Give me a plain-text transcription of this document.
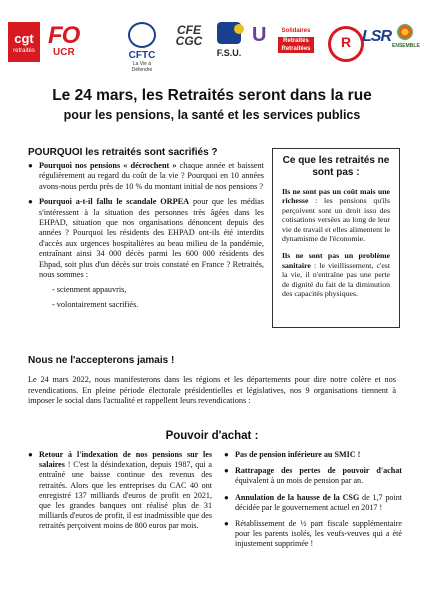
cgt
retraités
FO
UCR	CFTC
La Vie à Défendre
CFE CGC
F.S.U.
U	Solidaires
Retraités
Retraitées	R LSR
ENSEMBLE
Le 24 mars, les Retraités seront dans la rue
pour les pensions, la santé et les services publics
POURQUOI les retraités sont sacrifiés ?
● Pourquoi nos pensions « décrochent » chaque année et baissent régulièrement au regard du coût de la vie ? Pourquoi en 10 années avons-nous perdu près de 10 % du montant initial de nos pensions ?
● Pourquoi a-t-il fallu le scandale ORPEA pour que les médias s'intéressent à la situation des personnes très âgées dans les EHPAD, situation que nos organisations dénoncent depuis des années ? Pourquoi les résidents des EHPAD ont-ils été interdits d'accès aux urgences hospitalières au beau milieu de la pandémie, entraînant ainsi 34 000 décès parmi les 600 000 résidents des Ehpad, soit plus d'un décès sur trois constaté en France ? Retraités, nous sommes :
- scienment appauvris,
- volontairement sacrifiés.
Ce que les retraités ne sont pas :

Ils ne sont pas un coût mais une richesse : les pensions qu'ils perçoivent sont un droit issu des cotisations versées au long de leur vie de travail et elles alimentent le dynamisme de l'économie.

Ils ne sont pas un problème sanitaire : le vieillissement, c'est la vie, il n'entraîne pas une perte de dignité du fait de la diminution des capacités physiques.

Nous ne l'accepterons jamais !
Le 24 mars 2022, nous manifesterons dans les régions et les départements pour dire notre colère et nos revendications. En pleine période électorale présidentielles et législatives, nos 9 organisations tiennent à imposer le social dans l'actualité et rappellent leurs revendications :
Pouvoir d'achat :
● Retour à l'indexation de nos pensions sur les salaires ! C'est la désindexation, depuis 1987, qui a entraîné une baisse continue des revenus des retraités. Alors que les entreprises du CAC 40 ont enregistré 137 milliards d'euros de profit en 2021, que les grandes banques ont réalisé plus de 31 milliards d'euros de profit, il est inadmissible que des retraités perçoivent moins de 800 euros par mois.
● Pas de pension inférieure au SMIC !
● Rattrapage des pertes de pouvoir d'achat équivalent à un mois de pension par an.
● Annulation de la hausse de la CSG de 1,7 point décidée par le gouvernement actuel en 2017 !
● Rétablissement de ½ part fiscale supplémentaire pour les parents isolés, les veufs-veuves qui a été injustement supprimée !
